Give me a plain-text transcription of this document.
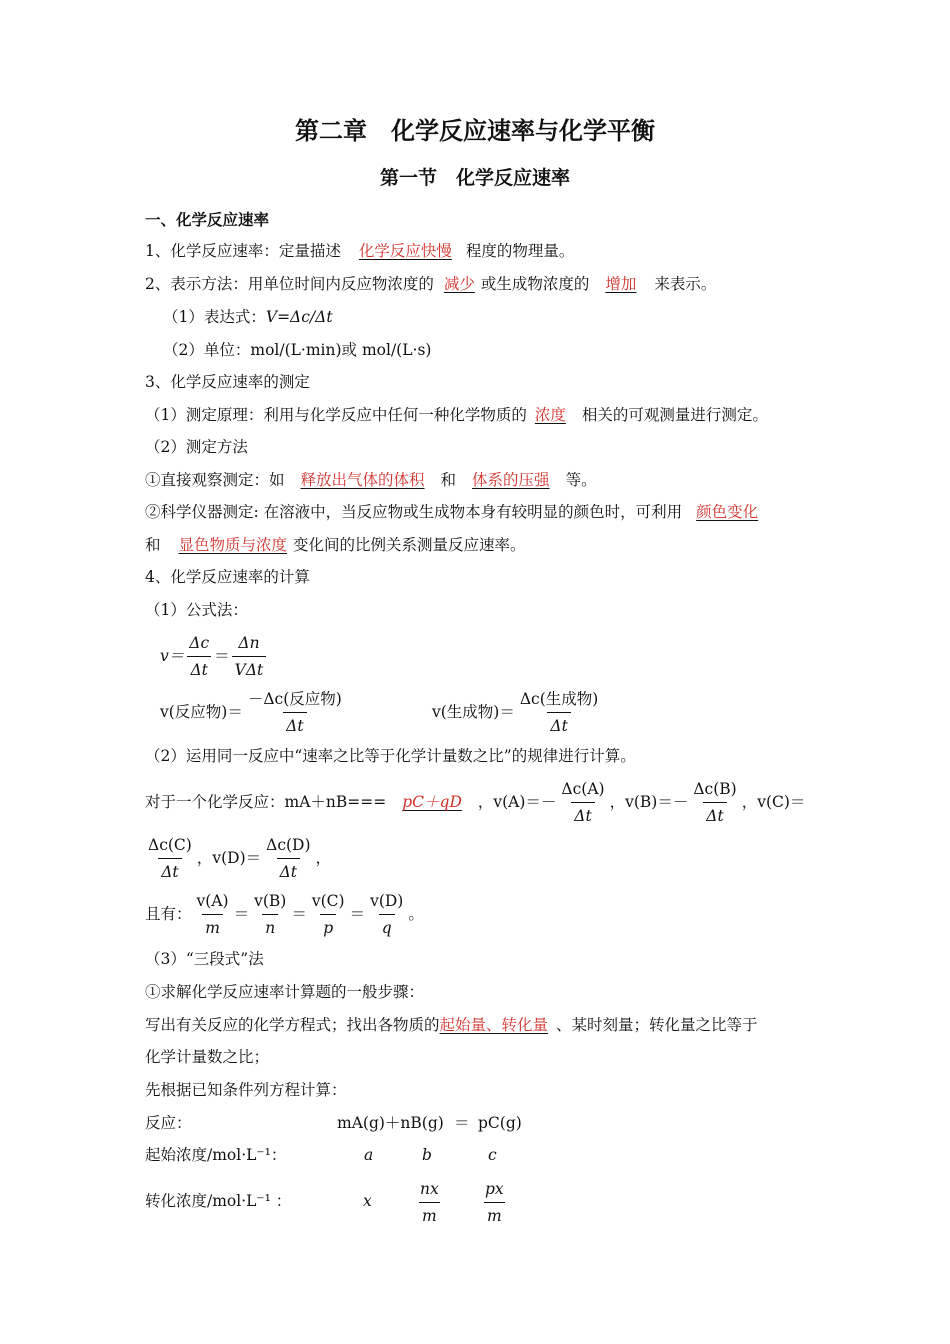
第二章　化学反应速率与化学平衡
第一节　化学反应速率
一、化学反应速率
1、化学反应速率：定量描述 化学反应快慢 程度的物理量。
2、表示方法：用单位时间内反应物浓度的 减少 或生成物浓度的 增加 来表示。
（1）表达式：V=Δc/Δt
（2）单位：mol/(L·min)或 mol/(L·s)
3、化学反应速率的测定
（1）测定原理：利用与化学反应中任何一种化学物质的 浓度 相关的可观测量进行测定。
（2）测定方法
①直接观察测定：如 释放出气体的体积 和 体系的压强 等。
②科学仪器测定: 在溶液中，当反应物或生成物本身有较明显的颜色时，可利用 颜色变化
和 显色物质与浓度 变化间的比例关系测量反应速率。
4、化学反应速率的计算
（1）公式法：
$v= \frac{\Delta c}{\Delta t} = \frac{\Delta n}{\text{VΔt}}$
v(反应物)＝ $\frac{\text{－Δc(反应物)}}{\Delta t}$	v(生成物)＝ $\frac{\text{Δc(生成物)}}{\Delta t}$
（2）运用同一反应中“速率之比等于化学计量数之比”的规律进行计算。
对于一个化学反应：mA＋nB===	pC＋qD	，$v(A)=- \frac{\Delta c(A)}{\Delta t}$ ，$v(B)=- \frac{\Delta c(B)}{\Delta t}$ ，v(C)＝
$\frac{\Delta c(C)}{\Delta t}$ ，$v(D)= \frac{\Delta c(D)}{\Delta t}$ ，
且有： $\frac{v(A)}{m} = \frac{v(B)}{n} = \frac{v(C)}{p} = \frac{v(D)}{q}$ 。
（3）“三段式”法
①求解化学反应速率计算题的一般步骤：
写出有关反应的化学方程式；找出各物质的起始量、转化量 、某时刻量；转化量之比等于
化学计量数之比；
先根据已知条件列方程计算：
反应：	mA(g)＋nB(g) ＝ pC(g)
起始浓度/mol·L⁻¹：	a	b	c
转化浓度/mol·L⁻¹ ：	x	$\frac{nx}{m}$	$\frac{px}{m}$
